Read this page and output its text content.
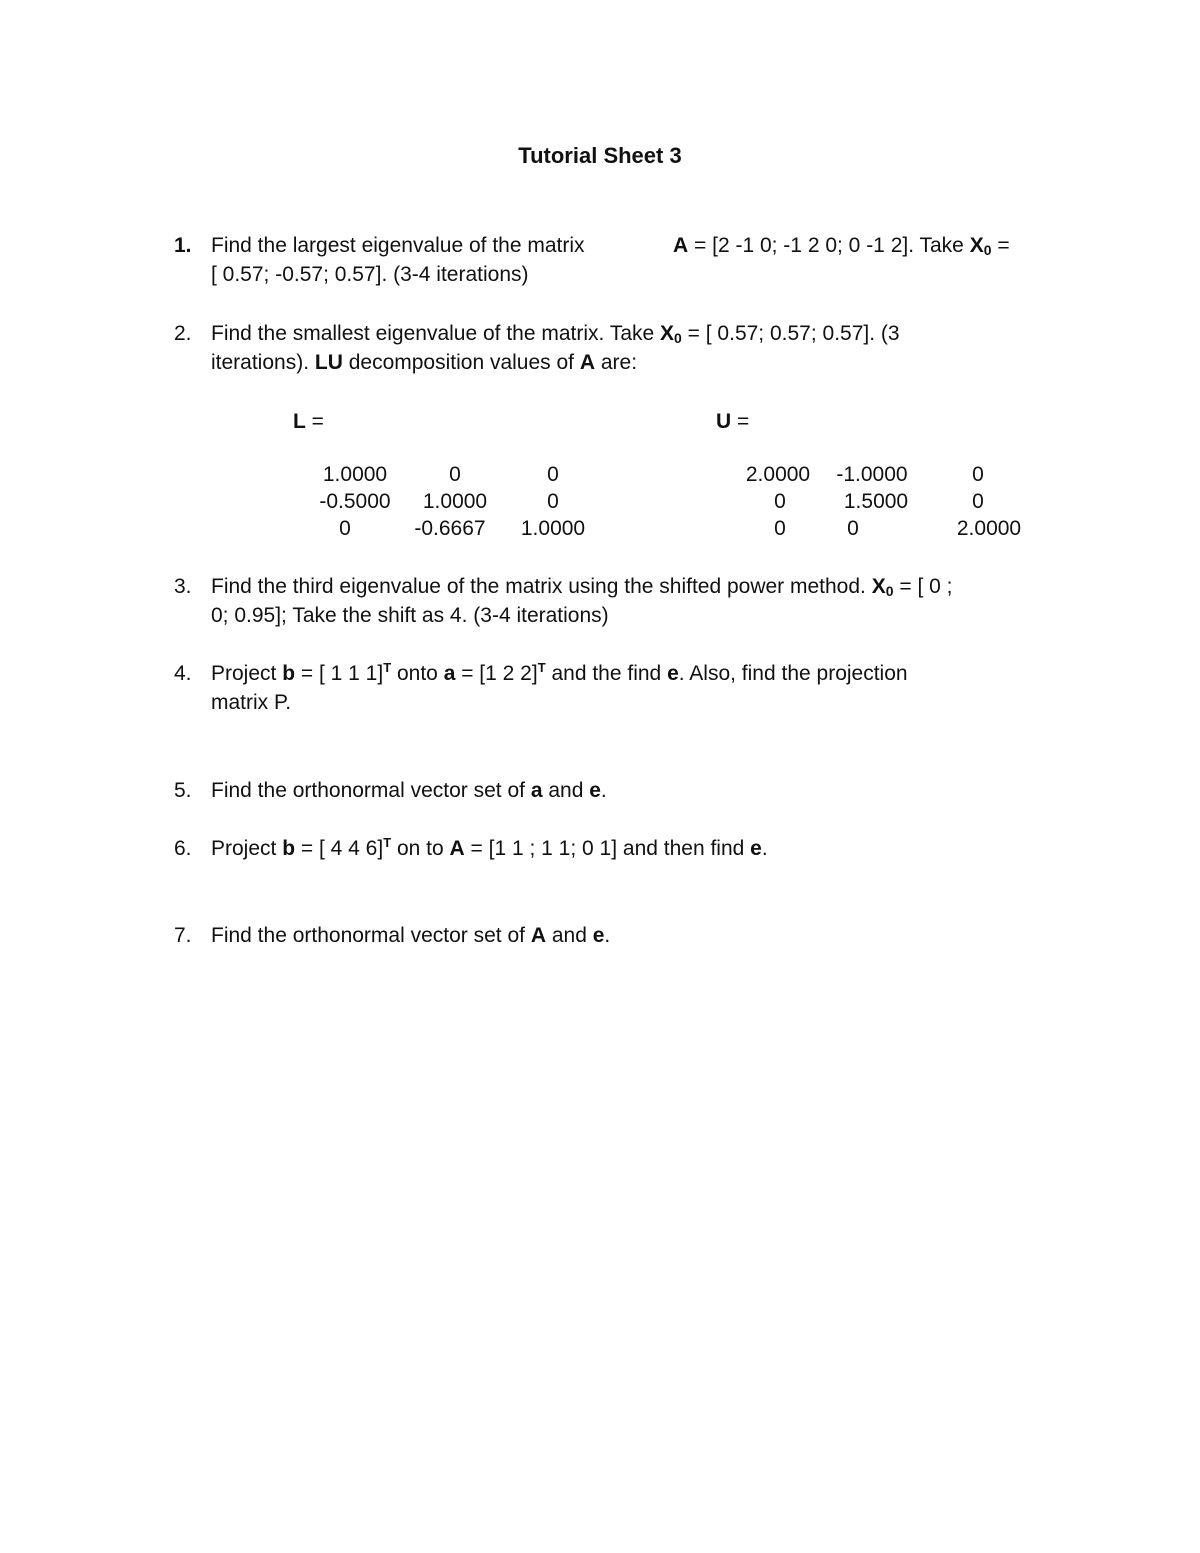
Tutorial Sheet 3
1. Find the largest eigenvalue of the matrix	A = [2 -1 0; -1 2 0; 0 -1 2]. Take $X_0$ =
[ 0.57; -0.57; 0.57]. (3-4 iterations)
2. Find the smallest eigenvalue of the matrix. Take $X_0$ = [ 0.57; 0.57; 0.57]. (3
iterations). LU decomposition values of A are:
L =
1.0000	0	0
-0.5000	1.0000	0
0	-0.6667	1.0000
U =
2.0000	-1.0000	0
0	1.5000	0
0	0	2.0000
3. Find the third eigenvalue of the matrix using the shifted power method. $X_0$ = [ 0 ;
0; 0.95]; Take the shift as 4. (3-4 iterations)
4. Project b = [ 1 1 1]$^T$ onto a = [1 2 2]$^T$ and the find e. Also, find the projection
matrix P.
5. Find the orthonormal vector set of a and e.
6. Project b = [ 4 4 6]$^T$ on to A = [1 1 ; 1 1; 0 1] and then find e.
7. Find the orthonormal vector set of A and e.
